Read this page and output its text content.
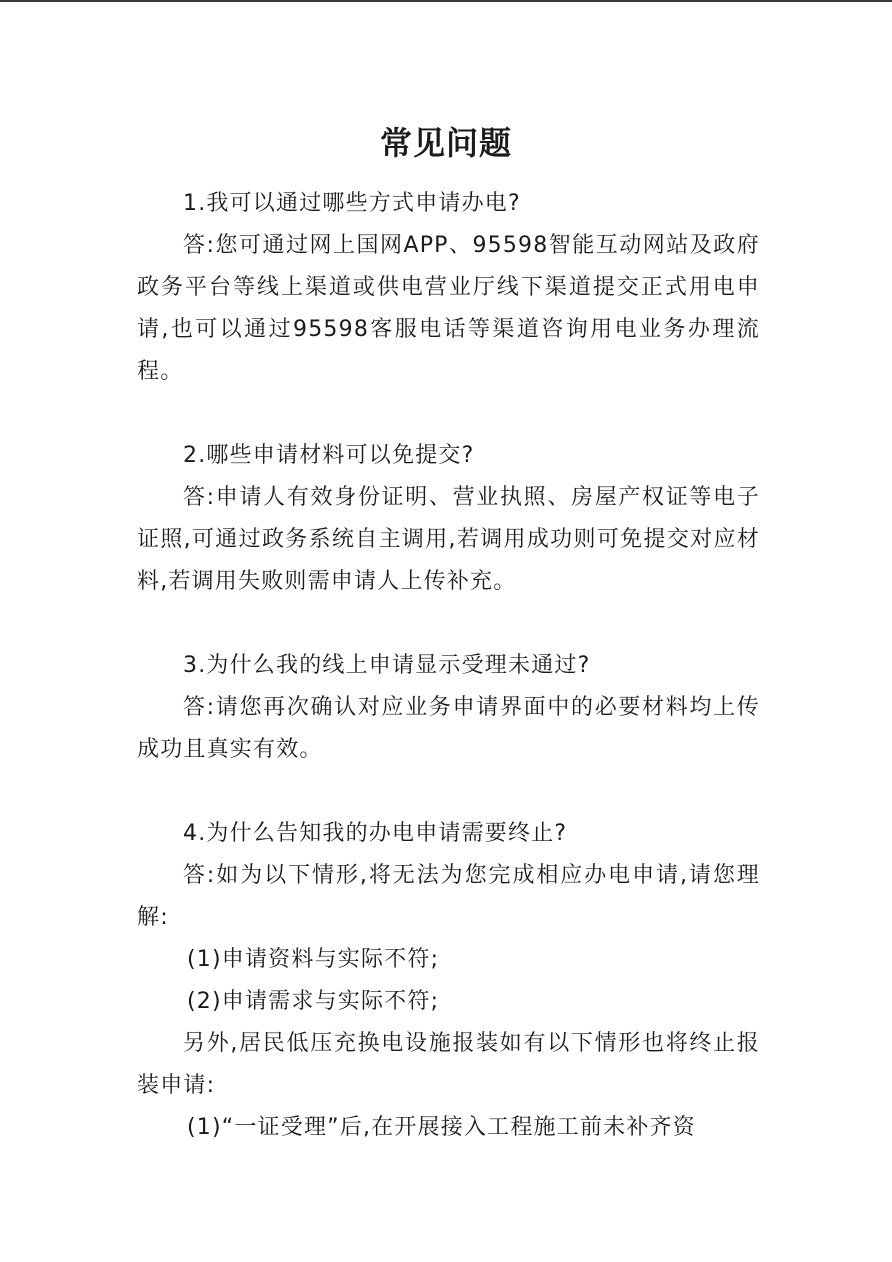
常见问题

1.我可以通过哪些方式申请办电?

答:您可通过网上国网APP、95598智能互动网站及政府政务平台等线上渠道或供电营业厅线下渠道提交正式用电申请,也可以通过95598客服电话等渠道咨询用电业务办理流程。

2.哪些申请材料可以免提交?

答:申请人有效身份证明、营业执照、房屋产权证等电子证照,可通过政务系统自主调用,若调用成功则可免提交对应材料,若调用失败则需申请人上传补充。

3.为什么我的线上申请显示受理未通过?

答:请您再次确认对应业务申请界面中的必要材料均上传成功且真实有效。

4.为什么告知我的办电申请需要终止?

答:如为以下情形,将无法为您完成相应办电申请,请您理解:

(1)申请资料与实际不符;

(2)申请需求与实际不符;

另外,居民低压充换电设施报装如有以下情形也将终止报装申请:

(1)“一证受理”后,在开展接入工程施工前未补齐资
